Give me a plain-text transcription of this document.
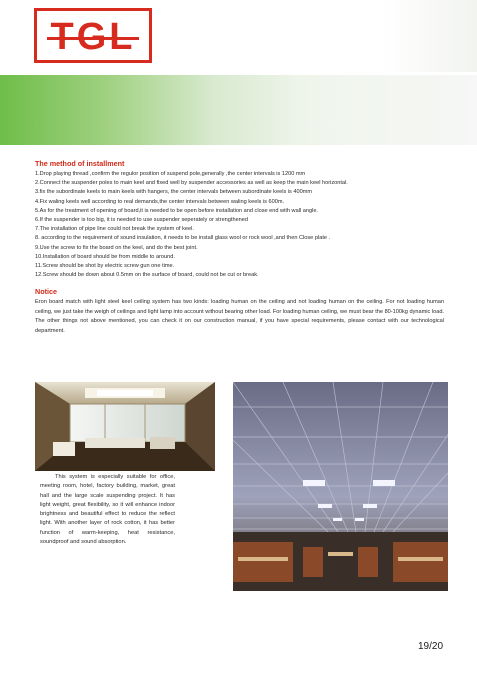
TGL
The method of installment
1.Drop playing thread ,confirm the regulor position of suspend pole,generally ,the center intervals is 1200 mm
2.Connect the suspender poles to main keel and fixed well by suspender accessories as well as keep the main keel horizontal.
3.fix the subordinate keels to main keels with hangers, the center intervals between subordinate keels is 400mm
4.Fix waling keels well according to real demands,the center intervals between waling keels is 600m.
5.As for the treatment of opening of board,it is needed to be open before installation and close end with wall angle.
6.If the suspender is too big, it is needed to use suspender seperately or strengthened
7.The installation of pipe line could not break the system of keel.
8. according to the requirement of sound insulation, it needs to be install glass wool or rock wool ,and then Close plate .
9.Use the screw to fix the board on the keel, and do the best joint.
10.Installation of board should be from middle to around.
11.Screw should be shot by electric screw gun one time.
12.Screw should be down about 0.5mm on the surface of board, could not be cut or break.
Notice

Eron board match with light steel keel ceiling system has two kinds: loading human on the ceiling and not loading human on the ceiling. For not loading human ceiling, we just take the weigh of ceilings and light lamp into account without bearing other load. For loading human ceiling, we must bear the 80-100kg dynamic load. The other things not above mentioned, you can check it on our construction manual, if you have special requirements, please contact with our technological department.

This system is especially suitable for office, meeting room, hotel, factory building, market, great hall and the large scale suspending project. It has light weight, great flexibility, so it will enhance indoor brightness and beautiful effect to reduce the reflect light. With another layer of rock cotton, it has better function of warm-keeping, heat resistance, soundproof and sound absorption.
19/20
